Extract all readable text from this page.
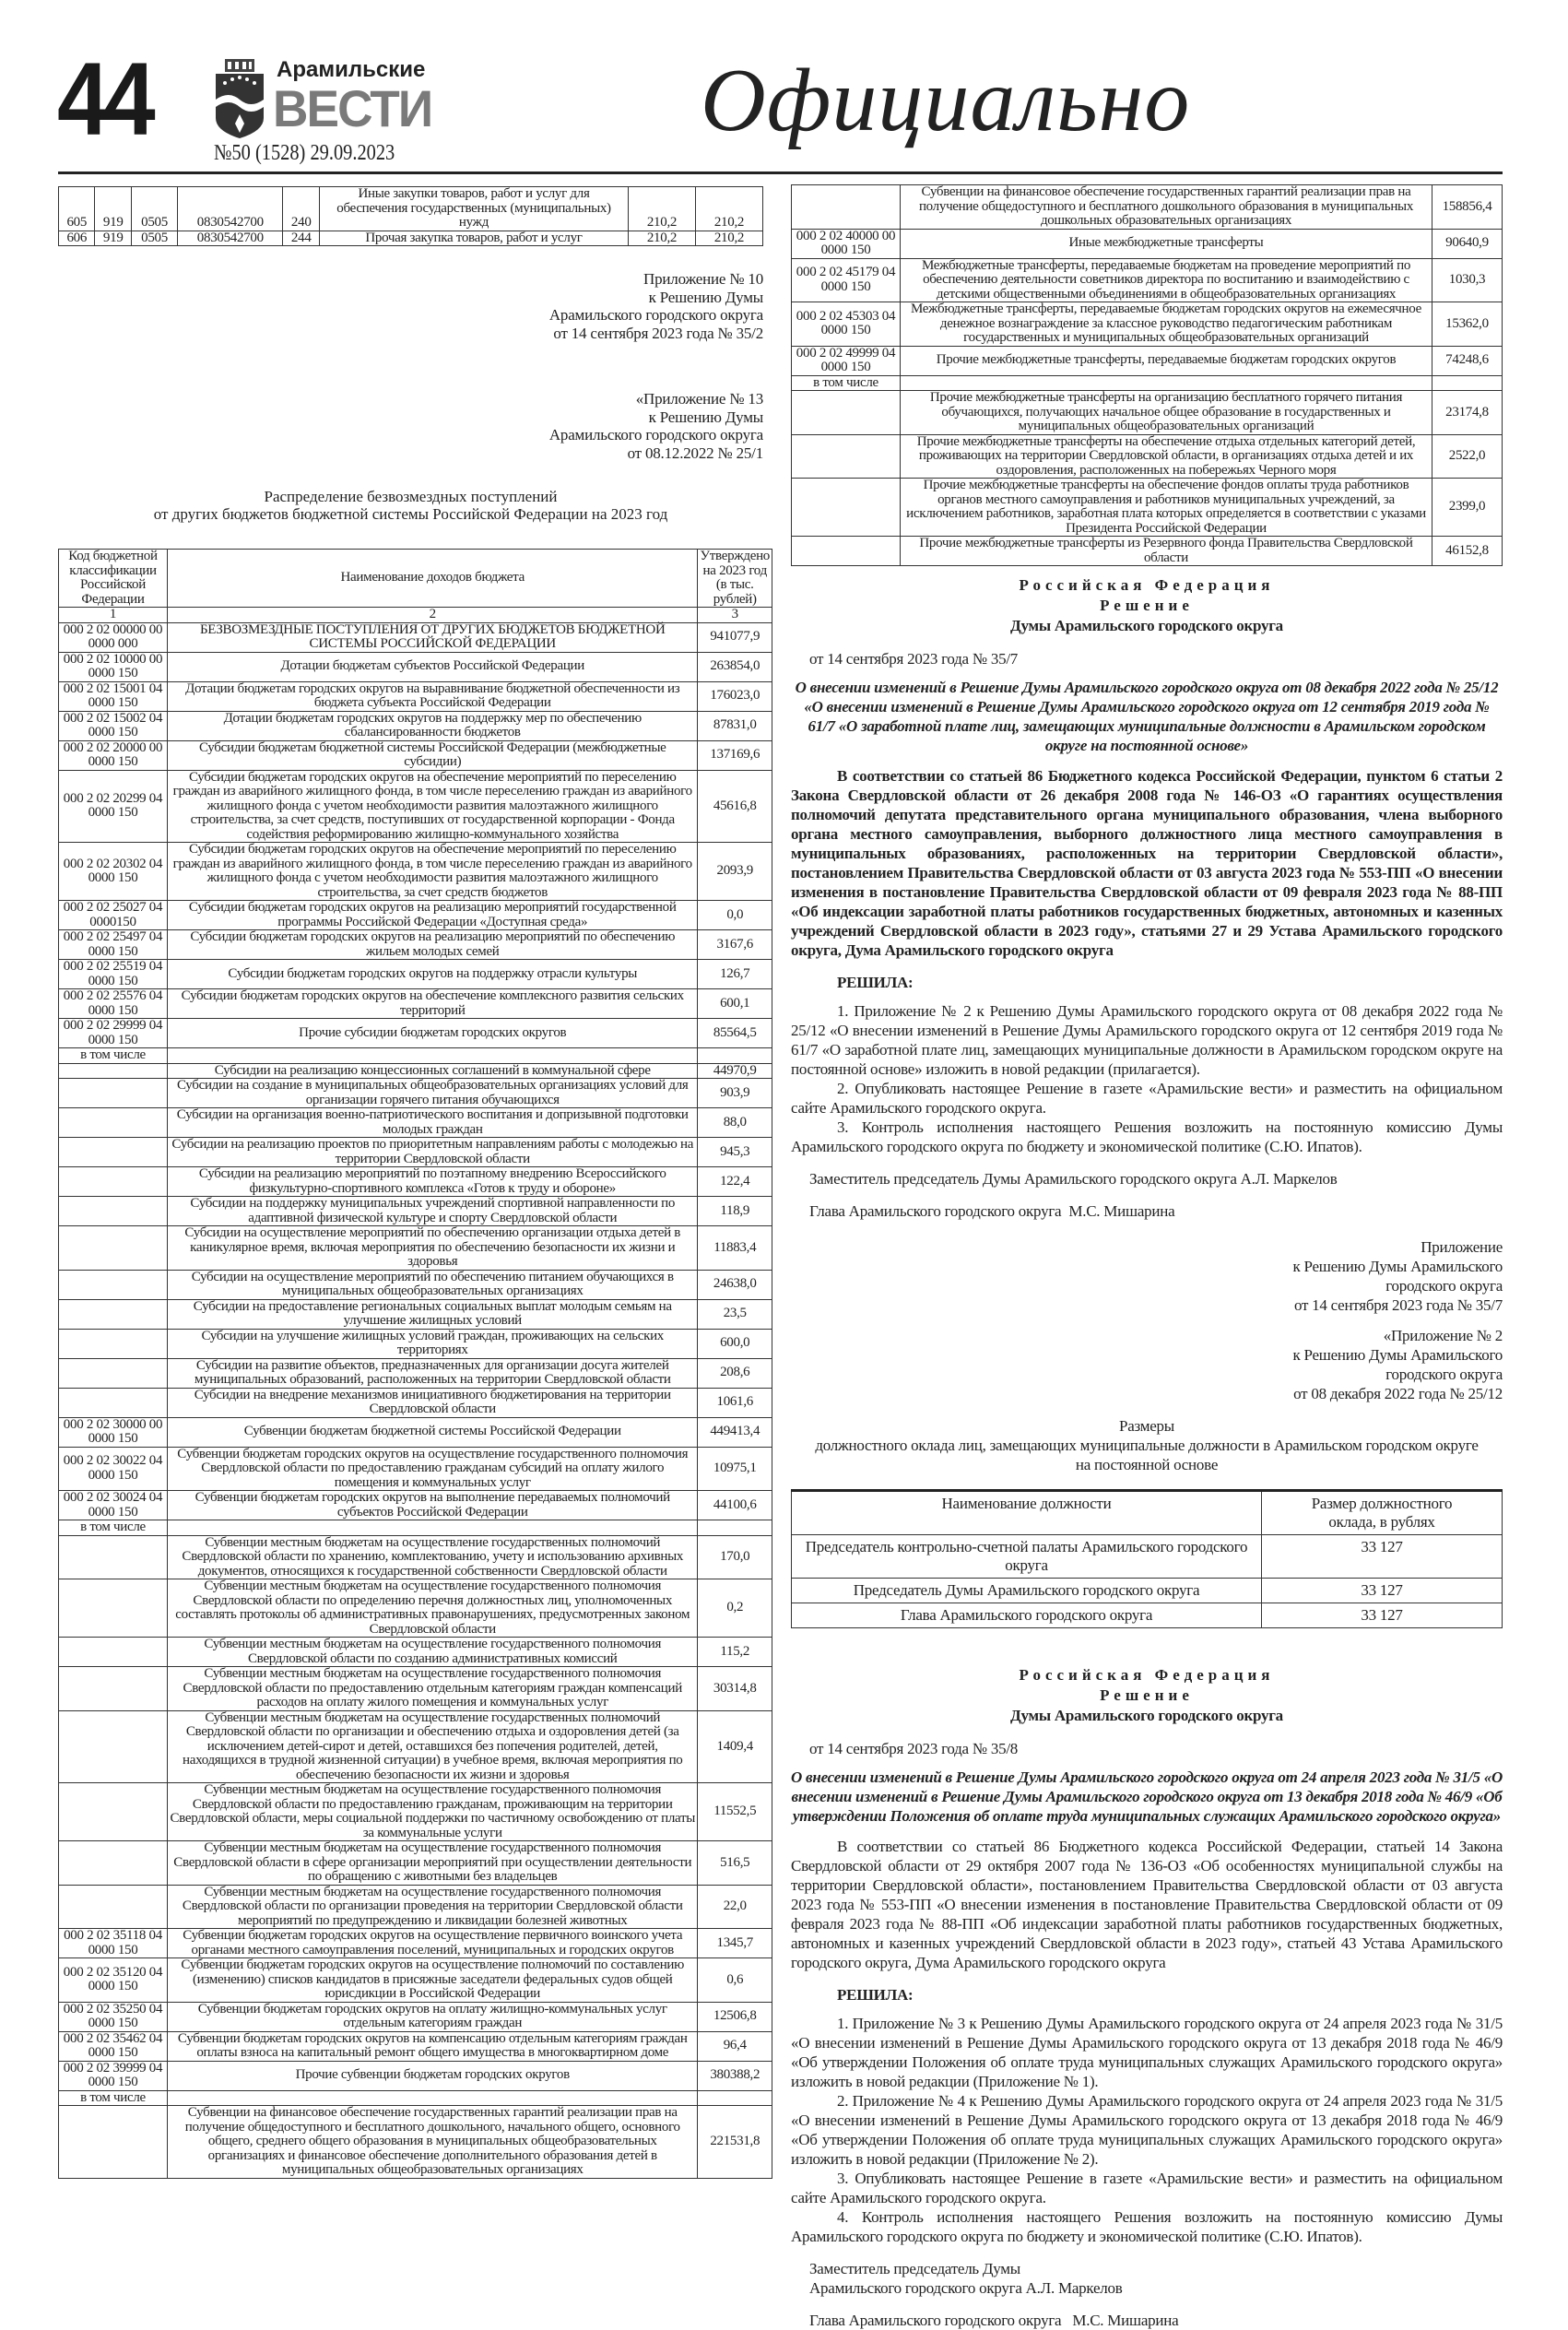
44	Арамильские
ВЕСТИ
№50 (1528) 29.09.2023
Официально
605	919	0505	0830542700	240	Иные закупки товаров, работ и услуг для обеспечения государственных (муниципальных) нужд	210,2	210,2
606	919	0505	0830542700	244	Прочая закупка товаров, работ и услуг	210,2	210,2
Приложение № 10
к Решению Думы
Арамильского городского округа
от 14 сентября 2023 года № 35/2
«Приложение № 13
к Решению Думы
Арамильского городского округа
от 08.12.2022 № 25/1
Распределение безвозмездных поступлений
от других бюджетов бюджетной системы Российской Федерации на 2023 год
Код бюджетной классификации Российской Федерации	Наименование доходов бюджета	Утверждено на 2023 год (в тыс. рублей)
1	2	3
000 2 02 00000 00 0000 000	БЕЗВОЗМЕЗДНЫЕ ПОСТУПЛЕНИЯ ОТ ДРУГИХ БЮДЖЕТОВ БЮДЖЕТНОЙ СИСТЕМЫ РОССИЙСКОЙ ФЕДЕРАЦИИ	941077,9
000 2 02 10000 00 0000 150	Дотации бюджетам субъектов Российской Федерации	263854,0
000 2 02 15001 04 0000 150	Дотации бюджетам городских округов на выравнивание бюджетной обеспеченности из бюджета субъекта Российской Федерации	176023,0
000 2 02 15002 04 0000 150	Дотации бюджетам городских округов на поддержку мер по обеспечению сбалансированности бюджетов	87831,0
000 2 02 20000 00 0000 150	Субсидии бюджетам бюджетной системы Российской Федерации (межбюджетные субсидии)	137169,6
000 2 02 20299 04 0000 150	Субсидии бюджетам городских округов на обеспечение мероприятий по переселению граждан из аварийного жилищного фонда, в том числе переселению граждан из аварийного жилищного фонда с учетом необходимости развития малоэтажного жилищного строительства, за счет средств, поступивших от государственной корпорации - Фонда содействия реформированию жилищно-коммунального хозяйства	45616,8
000 2 02 20302 04 0000 150	Субсидии бюджетам городских округов на обеспечение мероприятий по переселению граждан из аварийного жилищного фонда, в том числе переселению граждан из аварийного жилищного фонда с учетом необходимости развития малоэтажного жилищного строительства, за счет средств бюджетов	2093,9
000 2 02 25027 04 0000150	Субсидии бюджетам городских округов на реализацию мероприятий государственной программы Российской Федерации «Доступная среда»	0,0
000 2 02 25497 04 0000 150	Субсидии бюджетам городских округов на реализацию мероприятий по обеспечению жильем молодых семей	3167,6
000 2 02 25519 04 0000 150	Субсидии бюджетам городских округов на поддержку отрасли культуры	126,7
000 2 02 25576 04 0000 150	Субсидии бюджетам городских округов на обеспечение комплексного развития сельских территорий	600,1
000 2 02 29999 04 0000 150	Прочие субсидии бюджетам городских округов	85564,5
в том числе		
	Субсидии на реализацию концессионных соглашений в коммунальной сфере	44970,9
	Субсидии на создание в муниципальных общеобразовательных организациях условий для организации горячего питания обучающихся	903,9
	Субсидии на организация военно-патриотического воспитания и допризывной подготовки молодых граждан	88,0
	Субсидии на реализацию проектов по приоритетным направлениям работы с молодежью на территории Свердловской области	945,3
	Субсидии на реализацию мероприятий по поэтапному внедрению Всероссийского физкультурно-спортивного комплекса «Готов к труду и обороне»	122,4
	Субсидии на поддержку муниципальных учреждений спортивной направленности по адаптивной физической культуре и спорту Свердловской области	118,9
	Субсидии на осуществление мероприятий по обеспечению организации отдыха детей в каникулярное время, включая мероприятия по обеспечению безопасности их жизни и здоровья	11883,4
	Субсидии на осуществление мероприятий по обеспечению питанием обучающихся в муниципальных общеобразовательных организациях	24638,0
	Субсидии на предоставление региональных социальных выплат молодым семьям на улучшение жилищных условий	23,5
	Субсидии на улучшение жилищных условий граждан, проживающих на сельских территориях	600,0
	Субсидии на развитие объектов, предназначенных для организации досуга жителей муниципальных образований, расположенных на территории Свердловской области	208,6
	Субсидии на внедрение механизмов инициативного бюджетирования на территории Свердловской области	1061,6
000 2 02 30000 00 0000 150	Субвенции бюджетам бюджетной системы Российской Федерации	449413,4
000 2 02 30022 04 0000 150	Субвенции бюджетам городских округов на осуществление государственного полномочия Свердловской области по предоставлению гражданам субсидий на оплату жилого помещения и коммунальных услуг	10975,1
000 2 02 30024 04 0000 150	Субвенции бюджетам городских округов на выполнение передаваемых полномочий субъектов Российской Федерации	44100,6
в том числе		
	Субвенции местным бюджетам на осуществление государственных полномочий Свердловской области по хранению, комплектованию, учету и использованию архивных документов, относящихся к государственной собственности Свердловской области	170,0
	Субвенции местным бюджетам на осуществление государственного полномочия Свердловской области по определению перечня должностных лиц, уполномоченных составлять протоколы об административных правонарушениях, предусмотренных законом Свердловской области	0,2
	Субвенции местным бюджетам на осуществление государственного полномочия Свердловской области по созданию административных комиссий	115,2
	Субвенции местным бюджетам на осуществление государственного полномочия Свердловской области по предоставлению отдельным категориям граждан компенсаций расходов на оплату жилого помещения и коммунальных услуг	30314,8
	Субвенции местным бюджетам на осуществление государственных полномочий Свердловской области по организации и обеспечению отдыха и оздоровления детей (за исключением детей-сирот и детей, оставшихся без попечения родителей, детей, находящихся в трудной жизненной ситуации) в учебное время, включая мероприятия по обеспечению безопасности их жизни и здоровья	1409,4
	Субвенции местным бюджетам на осуществление государственного полномочия Свердловской области по предоставлению гражданам, проживающим на территории Свердловской области, меры социальной поддержки по частичному освобождению от платы за коммунальные услуги	11552,5
	Субвенции местным бюджетам на осуществление государственного полномочия Свердловской области в сфере организации мероприятий при осуществлении деятельности по обращению с животными без владельцев	516,5
	Субвенции местным бюджетам на осуществление государственного полномочия Свердловской области по организации проведения на территории Свердловской области мероприятий по предупреждению и ликвидации болезней животных	22,0
000 2 02 35118 04 0000 150	Субвенции бюджетам городских округов на осуществление первичного воинского учета органами местного самоуправления поселений, муниципальных и городских округов	1345,7
000 2 02 35120 04 0000 150	Субвенции бюджетам городских округов на осуществление полномочий по составлению (изменению) списков кандидатов в присяжные заседатели федеральных судов общей юрисдикции в Российской Федерации	0,6
000 2 02 35250 04 0000 150	Субвенции бюджетам городских округов на оплату жилищно-коммунальных услуг отдельным категориям граждан	12506,8
000 2 02 35462 04 0000 150	Субвенции бюджетам городских округов на компенсацию отдельным категориям граждан оплаты взноса на капитальный ремонт общего имущества в многоквартирном доме	96,4
000 2 02 39999 04 0000 150	Прочие субвенции бюджетам городских округов	380388,2
в том числе		
	Субвенции на финансовое обеспечение государственных гарантий реализации прав на получение общедоступного и бесплатного дошкольного, начального общего, основного общего, среднего общего образования в муниципальных общеобразовательных организациях и финансовое обеспечение дополнительного образования детей в муниципальных общеобразовательных организациях	221531,8
	Субвенции на финансовое обеспечение государственных гарантий реализации прав на получение общедоступного и бесплатного дошкольного образования в муниципальных дошкольных образовательных организациях	158856,4
000 2 02 40000 00 0000 150	Иные межбюджетные трансферты	90640,9
000 2 02 45179 04 0000 150	Межбюджетные трансферты, передаваемые бюджетам на проведение мероприятий по обеспечению деятельности советников директора по воспитанию и взаимодействию с детскими общественными объединениями в общеобразовательных организациях	1030,3
000 2 02 45303 04 0000 150	Межбюджетные трансферты, передаваемые бюджетам городских округов на ежемесячное денежное вознаграждение за классное руководство педагогическим работникам государственных и муниципальных общеобразовательных организаций	15362,0
000 2 02 49999 04 0000 150	Прочие межбюджетные трансферты, передаваемые бюджетам городских округов	74248,6
в том числе		
	Прочие межбюджетные трансферты на организацию бесплатного горячего питания обучающихся, получающих начальное общее образование в государственных и муниципальных общеобразовательных организаций	23174,8
	Прочие межбюджетные трансферты на обеспечение отдыха отдельных категорий детей, проживающих на территории Свердловской области, в организациях отдыха детей и их оздоровления, расположенных на побережьях Черного моря	2522,0
	Прочие межбюджетные трансферты на обеспечение фондов оплаты труда работников органов местного самоуправления и работников муниципальных учреждений, за исключением работников, заработная плата которых определяется в соответствии с указами Президента Российской Федерации	2399,0
	Прочие межбюджетные трансферты из Резервного фонда Правительства Свердловской области	46152,8
Российская Федерация
Решение
Думы Арамильского городского округа
от 14 сентября 2023 года № 35/7
О внесении изменений в Решение Думы Арамильского городского округа от 08 декабря 2022 года № 25/12 «О внесении изменений в Решение Думы Арамильского городского округа от 12 сентября 2019 года № 61/7 «О заработной плате лиц, замещающих муниципальные должности в Арамильском городском округе на постоянной основе»
В соответствии со статьей 86 Бюджетного кодекса Российской Федерации, пунктом 6 статьи 2 Закона Свердловской области от 26 декабря 2008 года № 146-ОЗ «О гарантиях осуществления полномочий депутата представительного органа муниципального образования, члена выборного органа местного самоуправления, выборного должностного лица местного самоуправления в муниципальных образованиях, расположенных на территории Свердловской области», постановлением Правительства Свердловской области от 03 августа 2023 года № 553-ПП «О внесении изменения в постановление Правительства Свердловской области от 09 февраля 2023 года № 88-ПП «Об индексации заработной платы работников государственных бюджетных, автономных и казенных учреждений Свердловской области в 2023 году», статьями 27 и 29 Устава Арамильского городского округа, Дума Арамильского городского округа
РЕШИЛА:

1. Приложение № 2 к Решению Думы Арамильского городского округа от 08 декабря 2022 года № 25/12 «О внесении изменений в Решение Думы Арамильского городского округа от 12 сентября 2019 года № 61/7 «О заработной плате лиц, замещающих муниципальные должности в Арамильском городском округе на постоянной основе» изложить в новой редакции (прилагается).

2. Опубликовать настоящее Решение в газете «Арамильские вести» и разместить на официальном сайте Арамильского городского округа.

3. Контроль исполнения настоящего Решения возложить на постоянную комиссию Думы Арамильского городского округа по бюджету и экономической политике (С.Ю. Ипатов).

Заместитель председатель Думы Арамильского городского округа А.Л. Маркелов
Глава Арамильского городского округа  М.С. Мишарина
Приложение
к Решению Думы Арамильского
городского округа
от 14 сентября 2023 года № 35/7
«Приложение № 2
к Решению Думы Арамильского
городского округа
от 08 декабря 2022 года № 25/12
Размеры
должностного оклада лиц, замещающих муниципальные должности в Арамильском городском округе на постоянной основе
Наименование должности	Размер должностного оклада, в рублях
Председатель контрольно-счетной палаты Арамильского городского округа	33 127
Председатель Думы Арамильского городского округа	33 127
Глава Арамильского городского округа	33 127
Российская Федерация
Решение
Думы Арамильского городского округа
от 14 сентября 2023 года № 35/8
О внесении изменений в Решение Думы Арамильского городского округа от 24 апреля 2023 года № 31/5 «О внесении изменений в Решение Думы Арамильского городского округа от 13 декабря 2018 года № 46/9 «Об утверждении Положения об оплате труда муниципальных служащих Арамильского городского округа»
В соответствии со статьей 86 Бюджетного кодекса Российской Федерации, статьей 14 Закона Свердловской области от 29 октября 2007 года № 136-ОЗ «Об особенностях муниципальной службы на территории Свердловской области», постановлением Правительства Свердловской области от 03 августа 2023 года № 553-ПП «О внесении изменения в постановление Правительства Свердловской области от 09 февраля 2023 года № 88-ПП «Об индексации заработной платы работников государственных бюджетных, автономных и казенных учреждений Свердловской области в 2023 году», статьей 43 Устава Арамильского городского округа, Дума Арамильского городского округа
РЕШИЛА:

1. Приложение № 3 к Решению Думы Арамильского городского округа от 24 апреля 2023 года № 31/5 «О внесении изменений в Решение Думы Арамильского городского округа от 13 декабря 2018 года № 46/9 «Об утверждении Положения об оплате труда муниципальных служащих Арамильского городского округа» изложить в новой редакции (Приложение № 1).

2. Приложение № 4 к Решению Думы Арамильского городского округа от 24 апреля 2023 года № 31/5 «О внесении изменений в Решение Думы Арамильского городского округа от 13 декабря 2018 года № 46/9 «Об утверждении Положения об оплате труда муниципальных служащих Арамильского городского округа» изложить в новой редакции (Приложение № 2).

3. Опубликовать настоящее Решение в газете «Арамильские вести» и разместить на официальном сайте Арамильского городского округа.

4. Контроль исполнения настоящего Решения возложить на постоянную комиссию Думы Арамильского городского округа по бюджету и экономической политике (С.Ю. Ипатов).

Заместитель председатель Думы
Арамильского городского округа А.Л. Маркелов
Глава Арамильского городского округа   М.С. Мишарина
